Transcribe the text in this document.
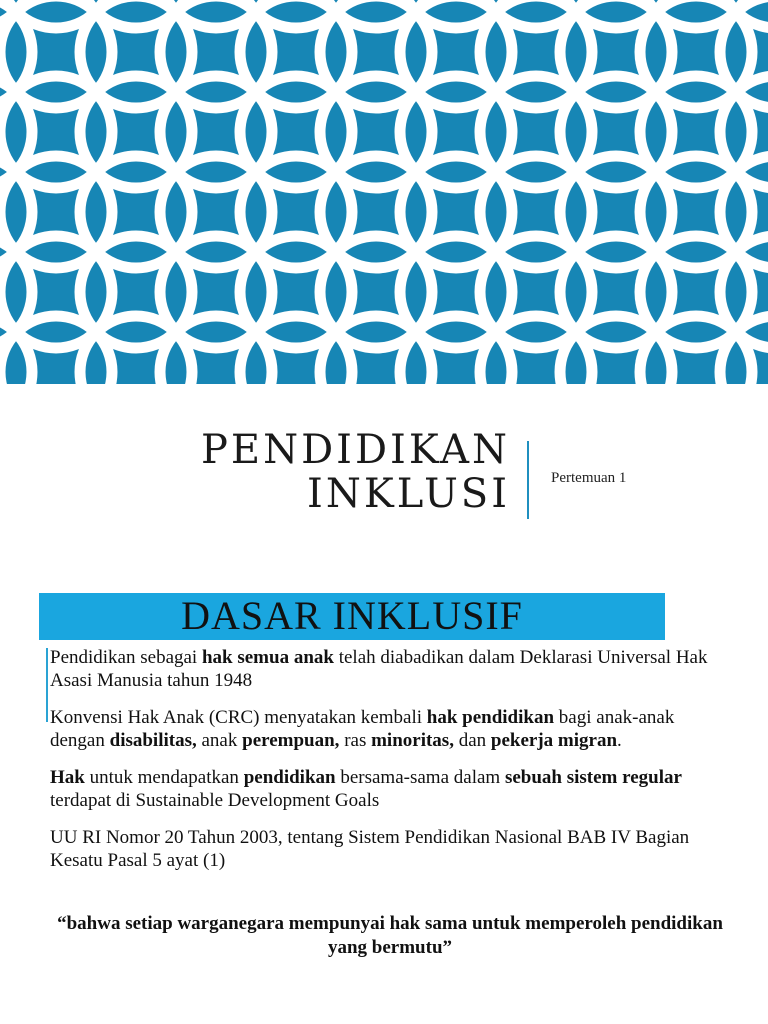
PENDIDIKAN
INKLUSI	Pertemuan 1
DASAR INKLUSIF

Pendidikan sebagai hak semua anak telah diabadikan dalam Deklarasi Universal Hak Asasi Manusia tahun 1948

Konvensi Hak Anak (CRC) menyatakan kembali hak pendidikan bagi anak-anak dengan disabilitas, anak perempuan, ras minoritas, dan pekerja migran.

Hak untuk mendapatkan pendidikan bersama-sama dalam sebuah sistem regular terdapat di Sustainable Development Goals

UU RI Nomor 20 Tahun 2003, tentang Sistem Pendidikan Nasional BAB IV Bagian Kesatu Pasal 5 ayat (1)

“bahwa setiap warganegara mempunyai hak sama untuk memperoleh pendidikan yang bermutu”
